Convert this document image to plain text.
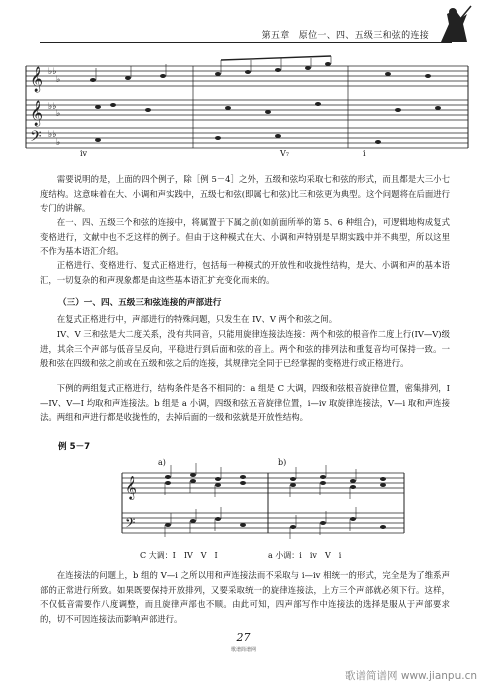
第五章　原位一、四、五级三和弦的连接
𝄞
𝄞
𝄢
♭♭
♭
♭♭
♭
♭♭
♭
iv	V₇	i
需要说明的是，上面的四个例子，除［例 5－4］之外，五级和弦均采取七和弦的形式，而且都是大三小七度结构。这意味着在大、小调和声实践中，五级七和弦(即属七和弦)比三和弦更为典型。这个问题将在后面进行专门的讲解。
在一、四、五级三个和弦的连接中，将属置于下属之前(如前面所举的第 5、6 种组合)，可逻辑地构成复式变格进行，文献中也不乏这样的例子。但由于这种模式在大、小调和声特别是早期实践中并不典型，所以这里不作为基本语汇介绍。
正格进行、变格进行、复式正格进行，包括每一种模式的开放性和收拢性结构，是大、小调和声的基本语汇，一切复杂的和声现象都是由这些基本语汇扩充变化而来的。
（三）一、四、五级三和弦连接的声部进行
在复式正格进行中，声部进行的特殊问题，只发生在 IV、V 两个和弦之间。
IV、V 三和弦是大二度关系，没有共同音，只能用旋律连接法连接：两个和弦的根音作二度上行(IV—V)级进，其余三个声部与低音呈反向，平稳进行到后面和弦的音上。两个和弦的排列法和重复音均可保持一致。一般和弦在四级和弦之前或在五级和弦之后的连接，其规律完全同于已经掌握的变格进行或正格进行。
下例的两组复式正格进行，结构条件是各不相同的：a 组是 C 大调，四级和弦根音旋律位置，密集排列，I—IV、V—I 均取和声连接法。b 组是 a 小调，四级和弦五音旋律位置，i—iv 取旋律连接法，V—i 取和声连接法。两组和声进行都是收拢性的，去掉后面的一级和弦就是开放性结构。
例 5－7
a)	b)
𝄞
𝄢
C 大调：I　IV　V　I	a 小调：i　iv　V　i
在连接法的问题上，b 组的 V—i 之所以用和声连接法而不采取与 i—iv 相统一的形式，完全是为了维系声部的正常进行所致。如果既要保持开放排列，又要采取统一的旋律连接法，上方三个声部就必须下行。这样，不仅低音需要作八度调整，而且旋律声部也不顺。由此可知，四声部写作中连接法的选择是服从于声部要求的，切不可因连接法而影响声部进行。
27
歌谱简谱网
歌谱简谱网 www.jianpu.cn
